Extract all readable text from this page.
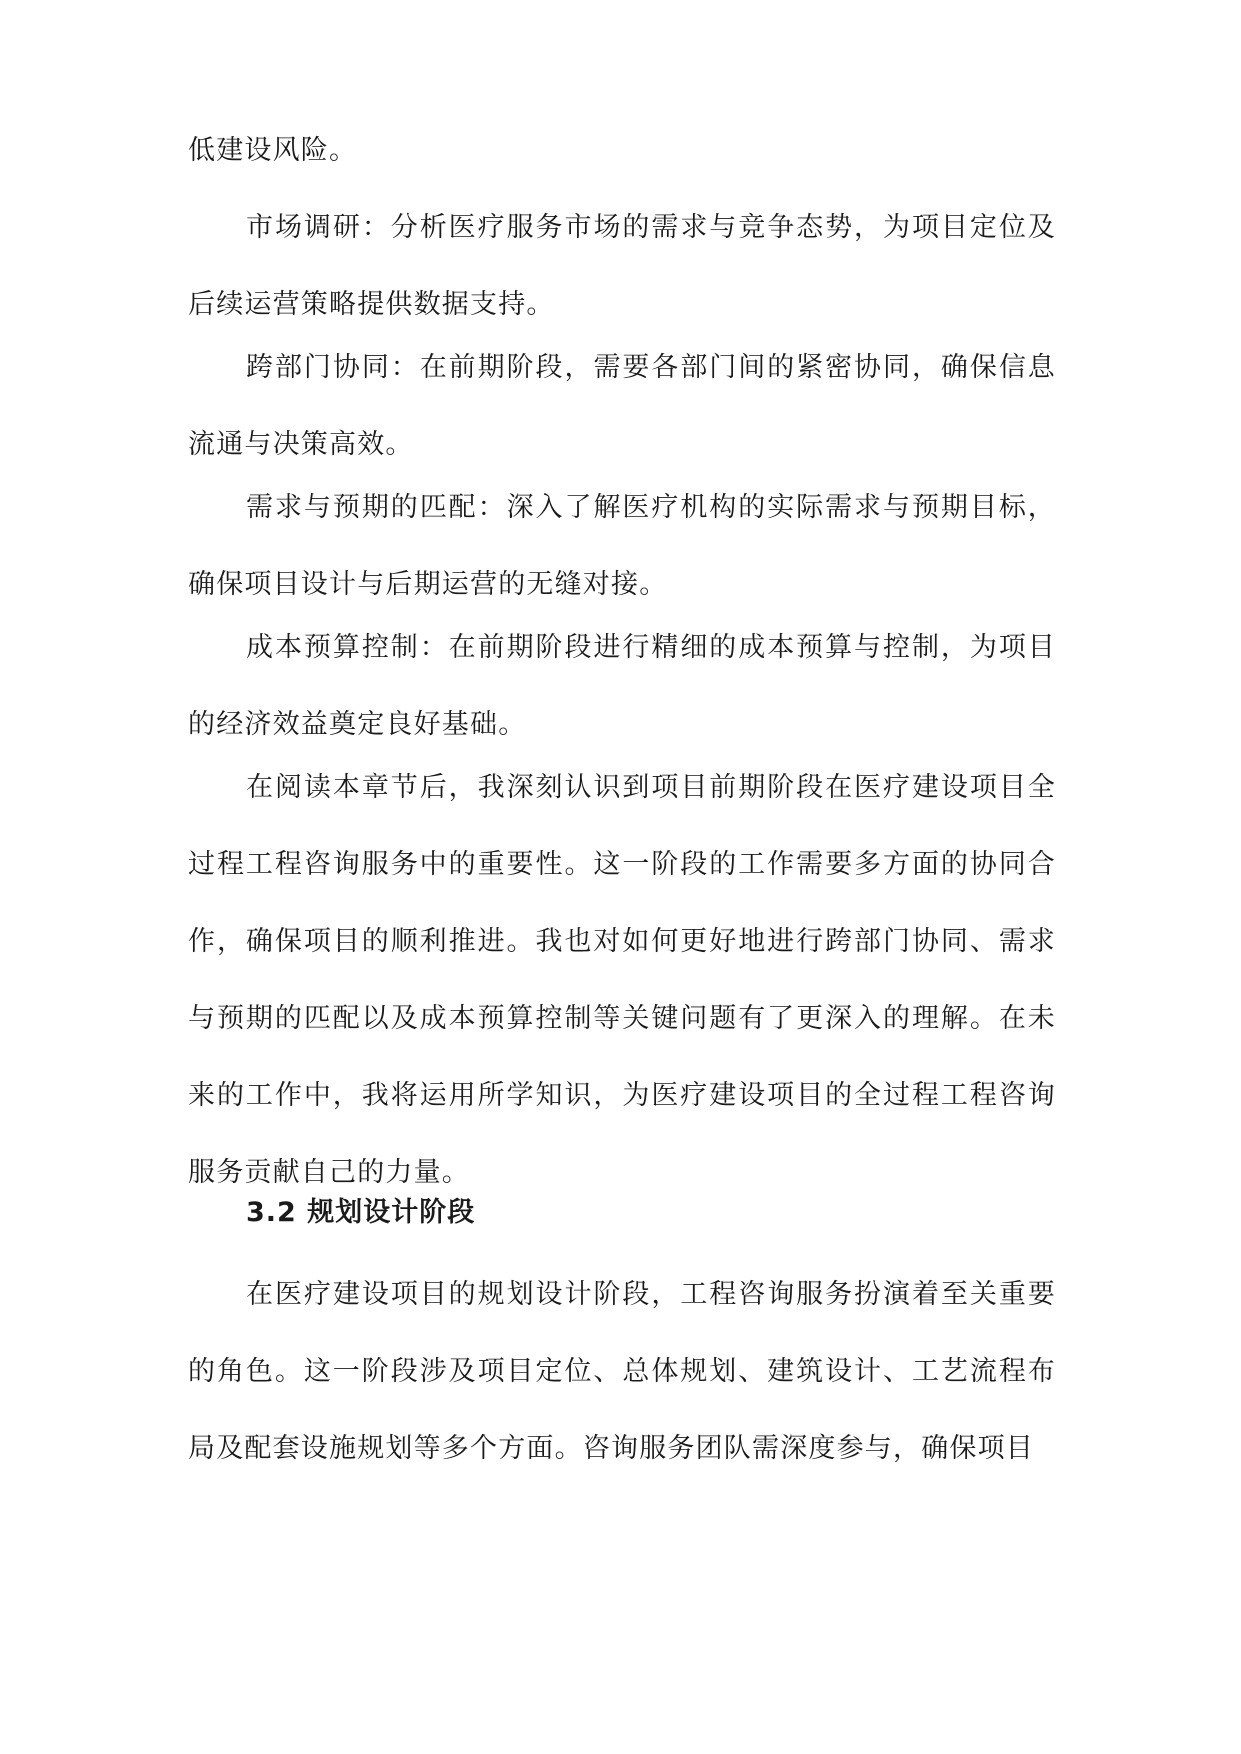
低建设风险。

市场调研：分析医疗服务市场的需求与竞争态势，为项目定位及后续运营策略提供数据支持。

跨部门协同：在前期阶段，需要各部门间的紧密协同，确保信息流通与决策高效。

需求与预期的匹配：深入了解医疗机构的实际需求与预期目标，确保项目设计与后期运营的无缝对接。

成本预算控制：在前期阶段进行精细的成本预算与控制，为项目的经济效益奠定良好基础。

在阅读本章节后，我深刻认识到项目前期阶段在医疗建设项目全过程工程咨询服务中的重要性。这一阶段的工作需要多方面的协同合作，确保项目的顺利推进。我也对如何更好地进行跨部门协同、需求与预期的匹配以及成本预算控制等关键问题有了更深入的理解。在未来的工作中，我将运用所学知识，为医疗建设项目的全过程工程咨询服务贡献自己的力量。

3.2 规划设计阶段

在医疗建设项目的规划设计阶段，工程咨询服务扮演着至关重要的角色。这一阶段涉及项目定位、总体规划、建筑设计、工艺流程布局及配套设施规划等多个方面。咨询服务团队需深度参与，确保项目
